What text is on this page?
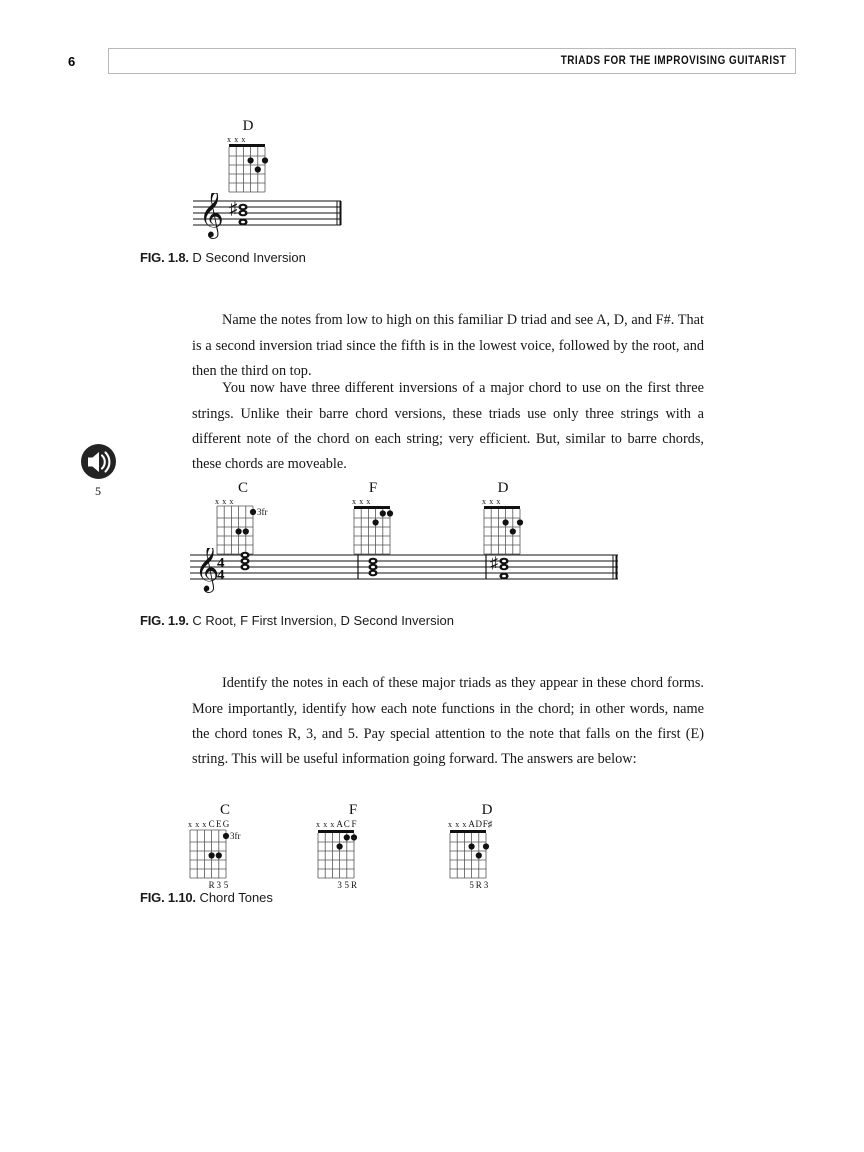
6	TRIADS FOR THE IMPROVISING GUITARIST
D
x x x
𝄞 ♯
FIG. 1.8. D Second Inversion

Name the notes from low to high on this familiar D triad and see A, D, and F#. That is a second inversion triad since the fifth is in the lowest voice, followed by the root, and then the third on top.

You now have three different inversions of a major chord to use on the first three strings. Unlike their barre chord versions, these triads use only three strings with a different note of the chord on each string; very efficient. But, similar to barre chords, these chords are moveable.

5	C
x x x
3fr
F
x x x
D
x x x
𝄞
4
4
♯
FIG. 1.9. C Root, F First Inversion, D Second Inversion

Identify the notes in each of these major triads as they appear in these chord forms. More importantly, identify how each note functions in the chord; in other words, name the chord tones R, 3, and 5. Pay special attention to the note that falls on the first (E) string. This will be useful information going forward. The answers are below:

C
x x x C E G
3fr
R 3 5
F
x x x A C F
3 5 R
D
x x x A D F♯
5 R 3
FIG. 1.10. Chord Tones
